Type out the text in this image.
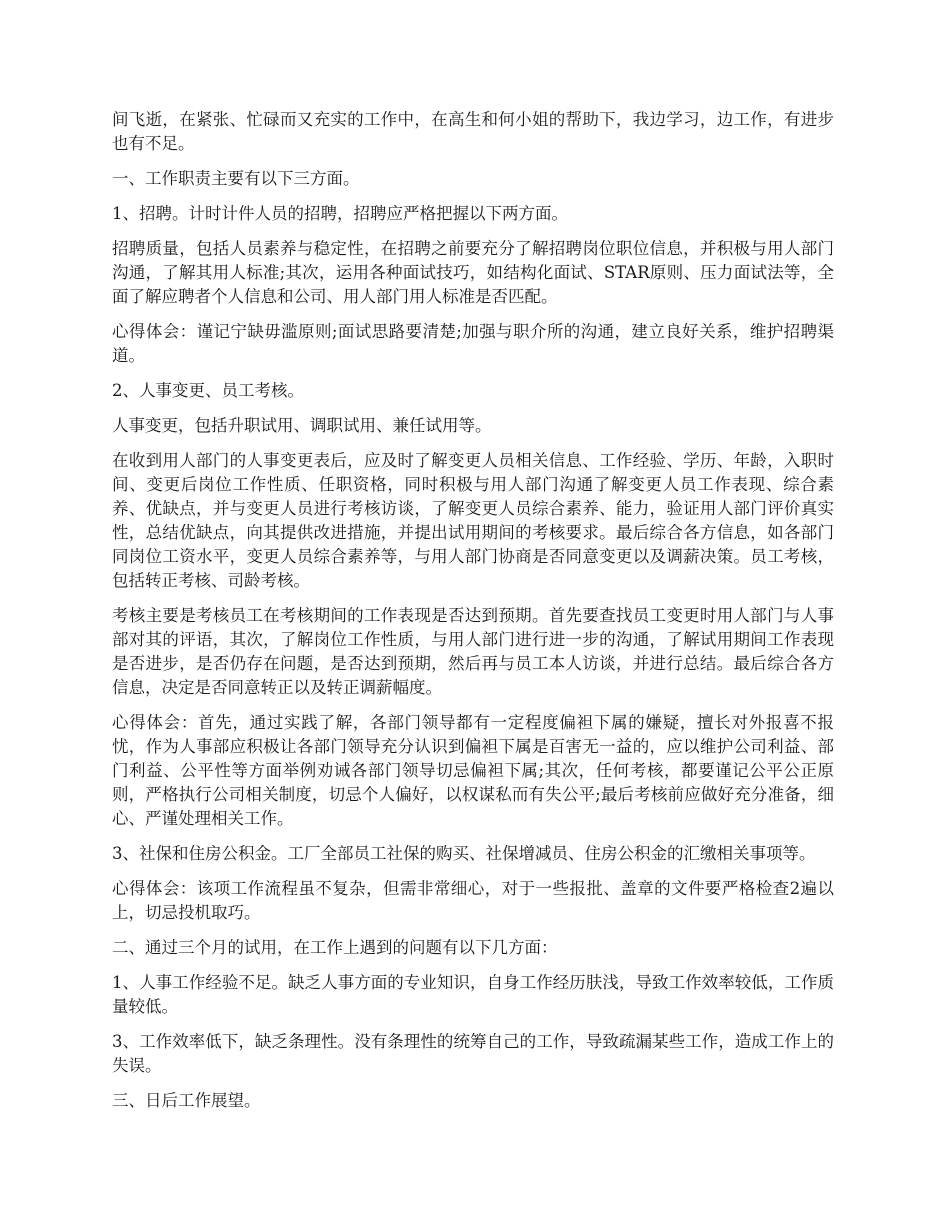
间飞逝，在紧张、忙碌而又充实的工作中，在高生和何小姐的帮助下，我边学习，边工作，有进步也有不足。

一、工作职责主要有以下三方面。

1、招聘。计时计件人员的招聘，招聘应严格把握以下两方面。

招聘质量，包括人员素养与稳定性，在招聘之前要充分了解招聘岗位职位信息，并积极与用人部门沟通，了解其用人标准;其次，运用各种面试技巧，如结构化面试、STAR原则、压力面试法等，全面了解应聘者个人信息和公司、用人部门用人标准是否匹配。

心得体会：谨记宁缺毋滥原则;面试思路要清楚;加强与职介所的沟通，建立良好关系，维护招聘渠道。

2、人事变更、员工考核。

人事变更，包括升职试用、调职试用、兼任试用等。

在收到用人部门的人事变更表后，应及时了解变更人员相关信息、工作经验、学历、年龄，入职时间、变更后岗位工作性质、任职资格，同时积极与用人部门沟通了解变更人员工作表现、综合素养、优缺点，并与变更人员进行考核访谈，了解变更人员综合素养、能力，验证用人部门评价真实性，总结优缺点，向其提供改进措施，并提出试用期间的考核要求。最后综合各方信息，如各部门同岗位工资水平，变更人员综合素养等，与用人部门协商是否同意变更以及调薪决策。员工考核，包括转正考核、司龄考核。

考核主要是考核员工在考核期间的工作表现是否达到预期。首先要查找员工变更时用人部门与人事部对其的评语，其次，了解岗位工作性质，与用人部门进行进一步的沟通，了解试用期间工作表现是否进步，是否仍存在问题，是否达到预期，然后再与员工本人访谈，并进行总结。最后综合各方信息，决定是否同意转正以及转正调薪幅度。

心得体会：首先，通过实践了解，各部门领导都有一定程度偏袒下属的嫌疑，擅长对外报喜不报忧，作为人事部应积极让各部门领导充分认识到偏袒下属是百害无一益的，应以维护公司利益、部门利益、公平性等方面举例劝诫各部门领导切忌偏袒下属;其次，任何考核，都要谨记公平公正原则，严格执行公司相关制度，切忌个人偏好，以权谋私而有失公平;最后考核前应做好充分准备，细心、严谨处理相关工作。

3、社保和住房公积金。工厂全部员工社保的购买、社保增减员、住房公积金的汇缴相关事项等。

心得体会：该项工作流程虽不复杂，但需非常细心，对于一些报批、盖章的文件要严格检查2遍以上，切忌投机取巧。

二、通过三个月的试用，在工作上遇到的问题有以下几方面：

1、人事工作经验不足。缺乏人事方面的专业知识，自身工作经历肤浅，导致工作效率较低，工作质量较低。

3、工作效率低下，缺乏条理性。没有条理性的统筹自己的工作，导致疏漏某些工作，造成工作上的失误。

三、日后工作展望。
